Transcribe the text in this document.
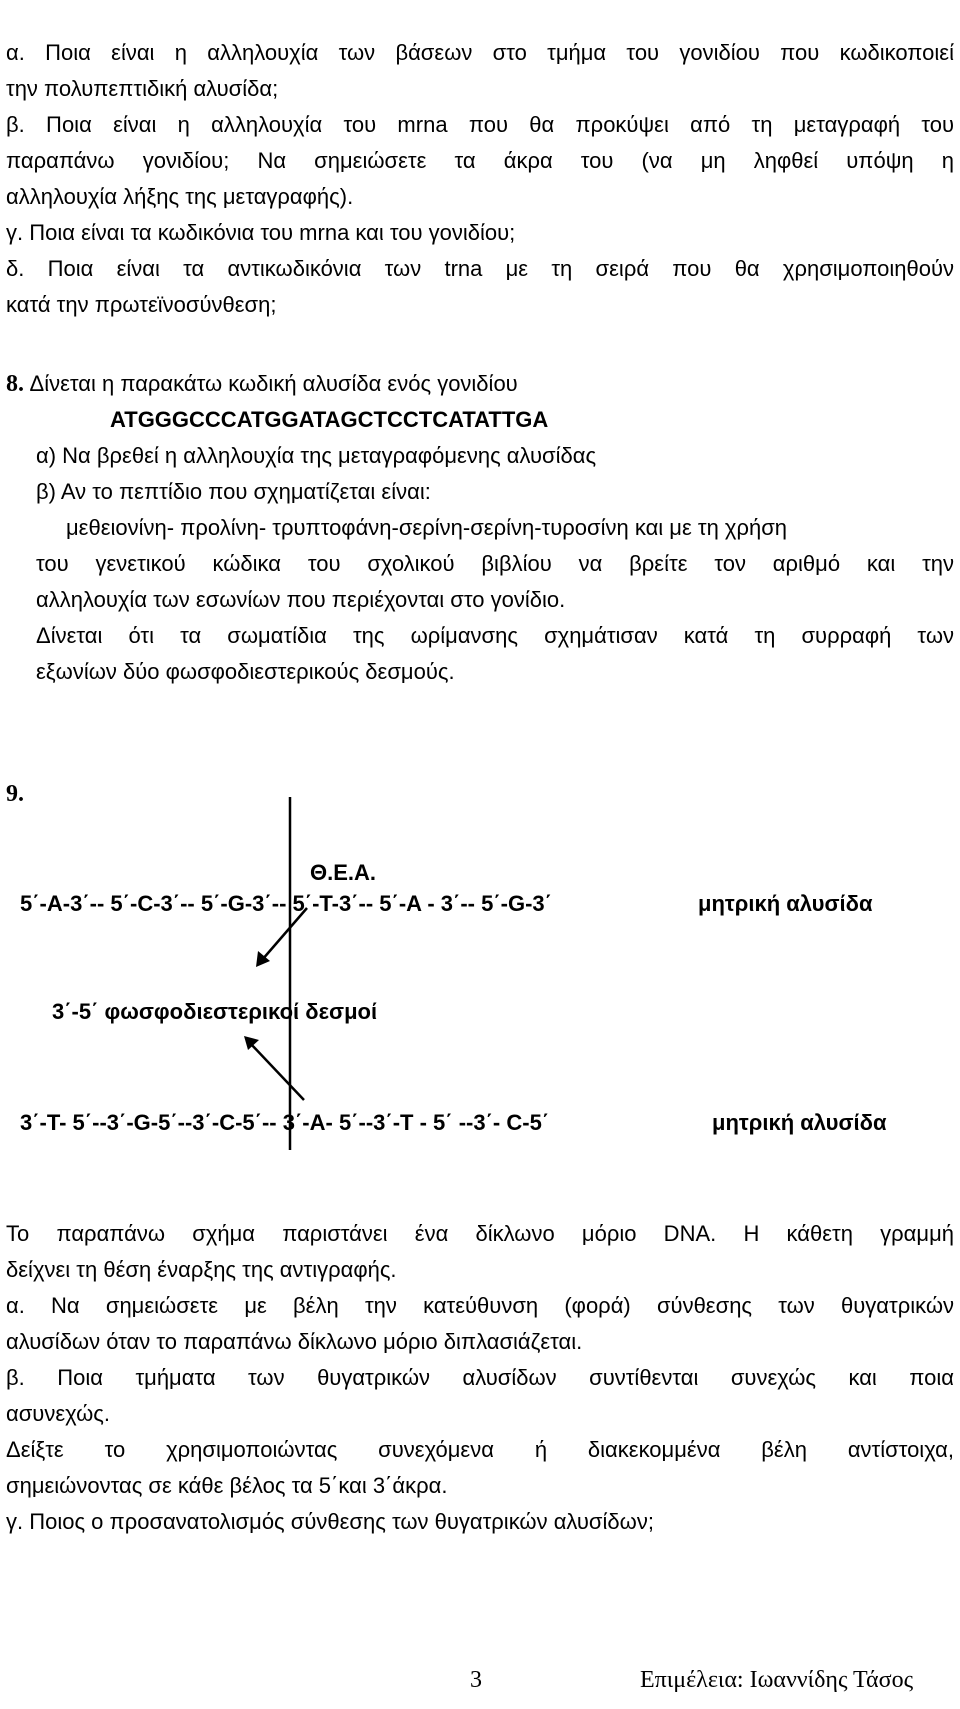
α. Ποια είναι η αλληλουχία των βάσεων στο τμήμα του γονιδίου που κωδικοποιεί
την πολυπεπτιδική αλυσίδα;
β. Ποια είναι η αλληλουχία του mrna που θα προκύψει από τη μεταγραφή του
παραπάνω γονιδίου; Να σημειώσετε τα άκρα του (να μη ληφθεί υπόψη η
αλληλουχία λήξης της μεταγραφής).
γ. Ποια είναι τα κωδικόνια του mrna και του γονιδίου;
δ. Ποια είναι τα αντικωδικόνια των trna με τη σειρά που θα χρησιμοποιηθούν
κατά την πρωτεϊνοσύνθεση;
8. Δίνεται η παρακάτω κωδική αλυσίδα ενός γονιδίου
ATGGGCCCATGGATAGCTCCTCATATTGA
α) Να βρεθεί η αλληλουχία της μεταγραφόμενης αλυσίδας
β) Αν το πεπτίδιο που σχηματίζεται είναι:
μεθειονίνη- προλίνη- τρυπτοφάνη-σερίνη-σερίνη-τυροσίνη και με τη χρήση
του γενετικού κώδικα του σχολικού βιβλίου να βρείτε τον αριθμό και την
αλληλουχία των εσωνίων που περιέχονται στο γονίδιο.
Δίνεται ότι τα σωματίδια της ωρίμανσης σχημάτισαν κατά τη συρραφή των
εξωνίων δύο φωσφοδιεστερικούς δεσμούς.
9.
Θ.Ε.Α.
5΄-A-3΄-- 5΄-C-3΄-- 5΄-G-3΄-- 5΄-T-3΄-- 5΄-A - 3΄-- 5΄-G-3΄	μητρική αλυσίδα
3΄-5΄ φωσφοδιεστερικοί δεσμοί
3΄-T- 5΄--3΄-G-5΄--3΄-C-5΄-- 3΄-A- 5΄--3΄-T - 5΄ --3΄- C-5΄	μητρική αλυσίδα
Το παραπάνω σχήμα παριστάνει ένα δίκλωνο μόριο DNA. Η κάθετη γραμμή
δείχνει τη θέση έναρξης της αντιγραφής.
α. Να σημειώσετε με βέλη την κατεύθυνση (φορά) σύνθεσης των θυγατρικών
αλυσίδων όταν το παραπάνω δίκλωνο μόριο διπλασιάζεται.
β. Ποια τμήματα των θυγατρικών αλυσίδων συντίθενται συνεχώς και ποια
ασυνεχώς.
Δείξτε το χρησιμοποιώντας συνεχόμενα ή διακεκομμένα βέλη αντίστοιχα,
σημειώνοντας σε κάθε βέλος τα 5΄και 3΄άκρα.
γ. Ποιος ο προσανατολισμός σύνθεσης των θυγατρικών αλυσίδων;
3	Επιμέλεια: Ιωαννίδης Τάσος
